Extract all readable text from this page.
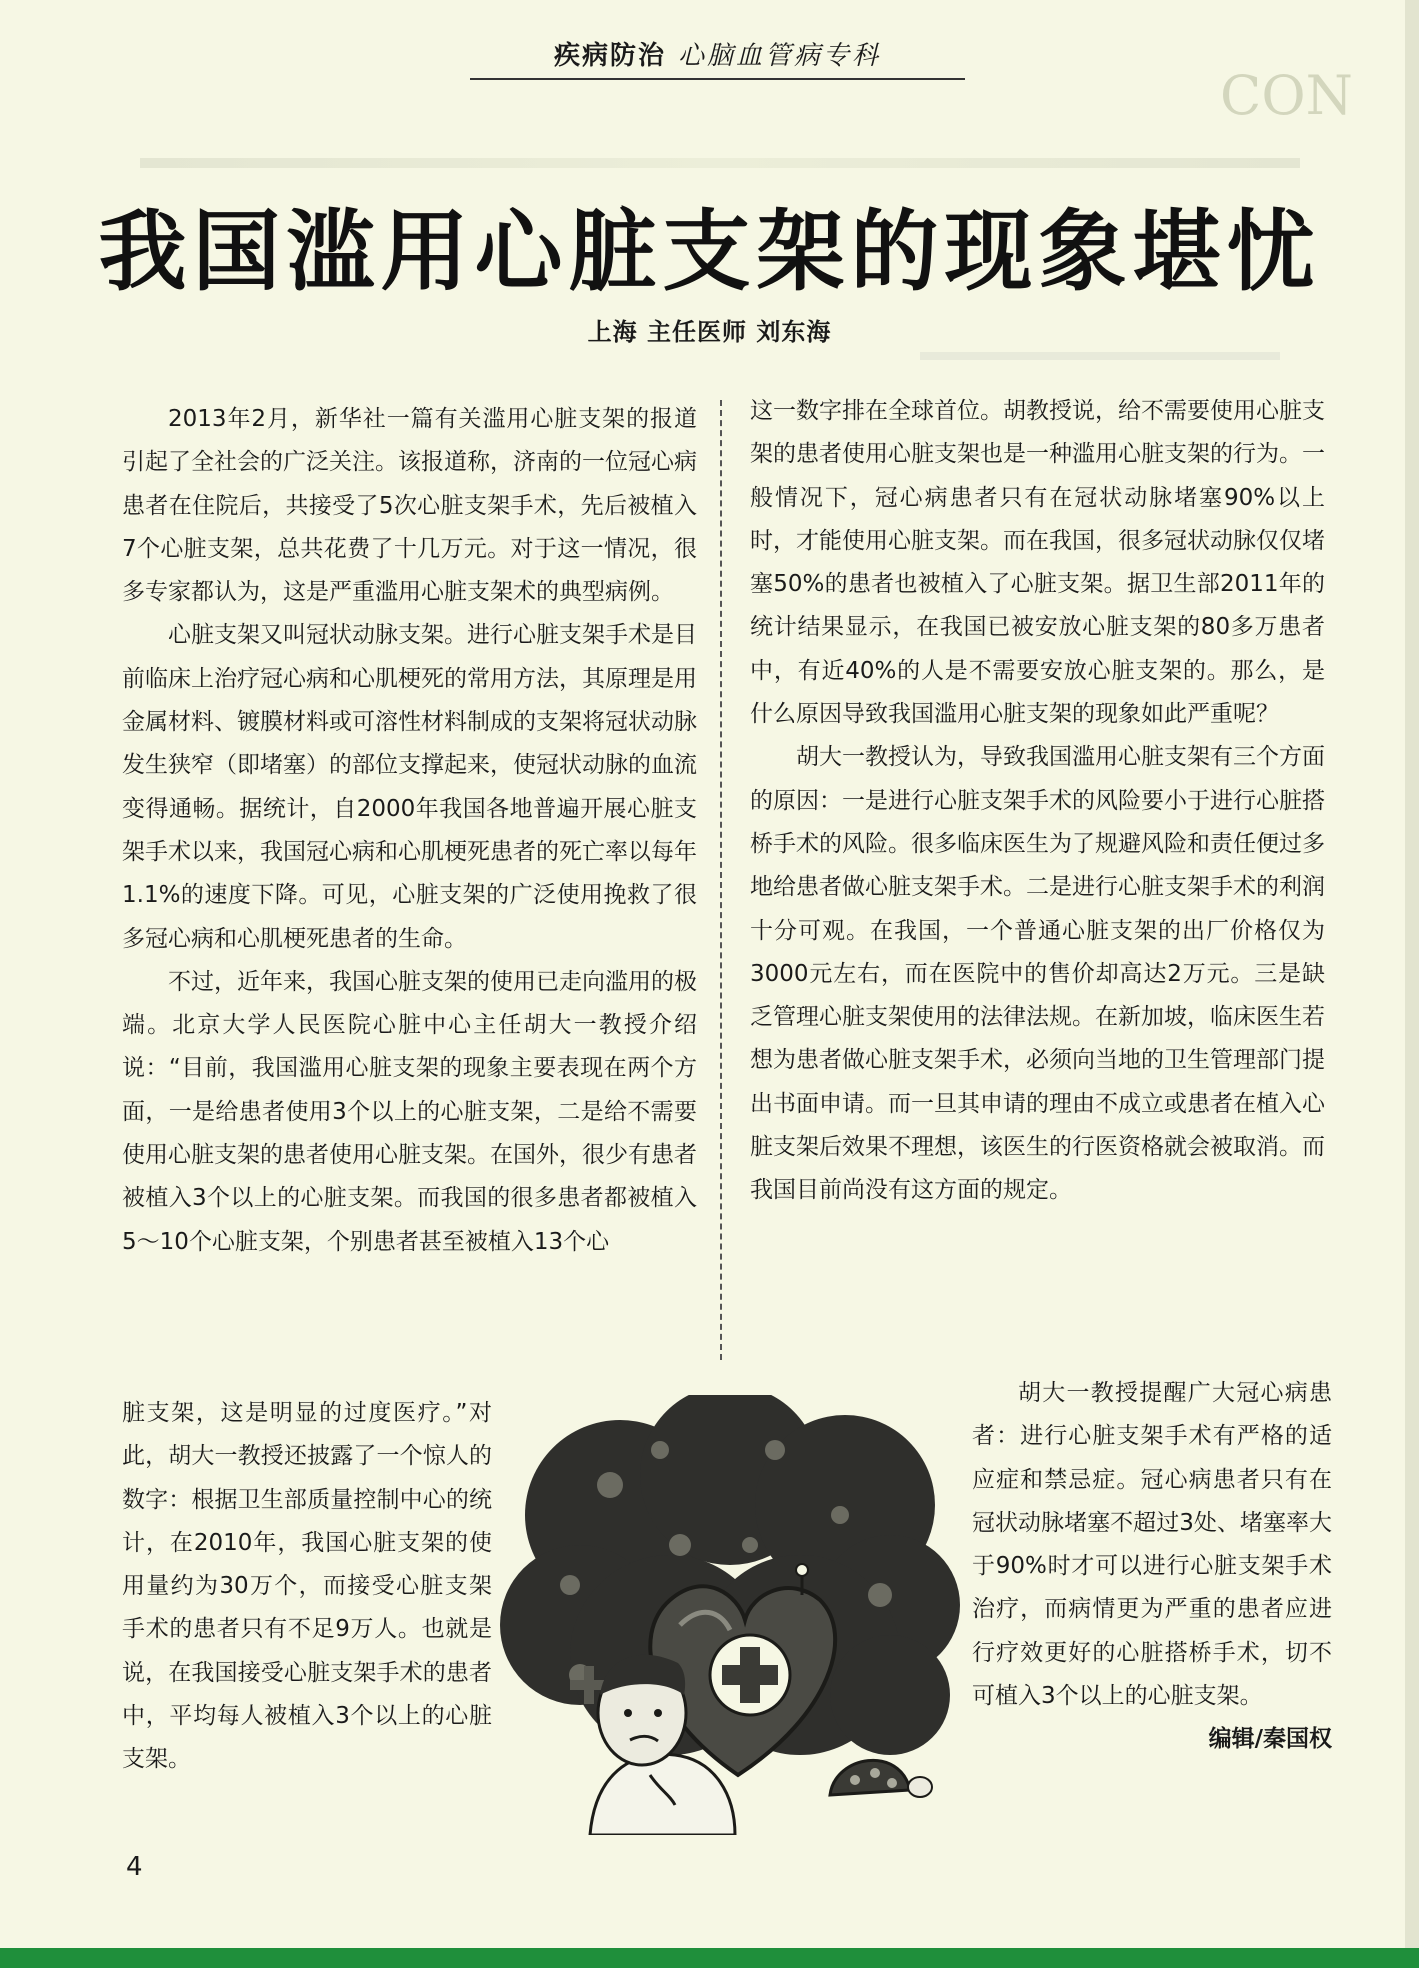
CON
疾病防治 心脑血管病专科
我国滥用心脏支架的现象堪忧
上海 主任医师 刘东海

2013年2月，新华社一篇有关滥用心脏支架的报道引起了全社会的广泛关注。该报道称，济南的一位冠心病患者在住院后，共接受了5次心脏支架手术，先后被植入7个心脏支架，总共花费了十几万元。对于这一情况，很多专家都认为，这是严重滥用心脏支架术的典型病例。

心脏支架又叫冠状动脉支架。进行心脏支架手术是目前临床上治疗冠心病和心肌梗死的常用方法，其原理是用金属材料、镀膜材料或可溶性材料制成的支架将冠状动脉发生狭窄（即堵塞）的部位支撑起来，使冠状动脉的血流变得通畅。据统计，自2000年我国各地普遍开展心脏支架手术以来，我国冠心病和心肌梗死患者的死亡率以每年1.1%的速度下降。可见，心脏支架的广泛使用挽救了很多冠心病和心肌梗死患者的生命。

不过，近年来，我国心脏支架的使用已走向滥用的极端。北京大学人民医院心脏中心主任胡大一教授介绍说：“目前，我国滥用心脏支架的现象主要表现在两个方面，一是给患者使用3个以上的心脏支架，二是给不需要使用心脏支架的患者使用心脏支架。在国外，很少有患者被植入3个以上的心脏支架。而我国的很多患者都被植入5～10个心脏支架，个别患者甚至被植入13个心

脏支架，这是明显的过度医疗。”对此，胡大一教授还披露了一个惊人的数字：根据卫生部质量控制中心的统计，在2010年，我国心脏支架的使用量约为30万个，而接受心脏支架手术的患者只有不足9万人。也就是说，在我国接受心脏支架手术的患者中，平均每人被植入3个以上的心脏支架。

这一数字排在全球首位。胡教授说，给不需要使用心脏支架的患者使用心脏支架也是一种滥用心脏支架的行为。一般情况下，冠心病患者只有在冠状动脉堵塞90%以上时，才能使用心脏支架。而在我国，很多冠状动脉仅仅堵塞50%的患者也被植入了心脏支架。据卫生部2011年的统计结果显示，在我国已被安放心脏支架的80多万患者中，有近40%的人是不需要安放心脏支架的。那么，是什么原因导致我国滥用心脏支架的现象如此严重呢？

胡大一教授认为，导致我国滥用心脏支架有三个方面的原因：一是进行心脏支架手术的风险要小于进行心脏搭桥手术的风险。很多临床医生为了规避风险和责任便过多地给患者做心脏支架手术。二是进行心脏支架手术的利润十分可观。在我国，一个普通心脏支架的出厂价格仅为3000元左右，而在医院中的售价却高达2万元。三是缺乏管理心脏支架使用的法律法规。在新加坡，临床医生若想为患者做心脏支架手术，必须向当地的卫生管理部门提出书面申请。而一旦其申请的理由不成立或患者在植入心脏支架后效果不理想，该医生的行医资格就会被取消。而我国目前尚没有这方面的规定。

胡大一教授提醒广大冠心病患者：进行心脏支架手术有严格的适应症和禁忌症。冠心病患者只有在冠状动脉堵塞不超过3处、堵塞率大于90%时才可以进行心脏支架手术治疗，而病情更为严重的患者应进行疗效更好的心脏搭桥手术，切不可植入3个以上的心脏支架。
编辑/秦国权

4
